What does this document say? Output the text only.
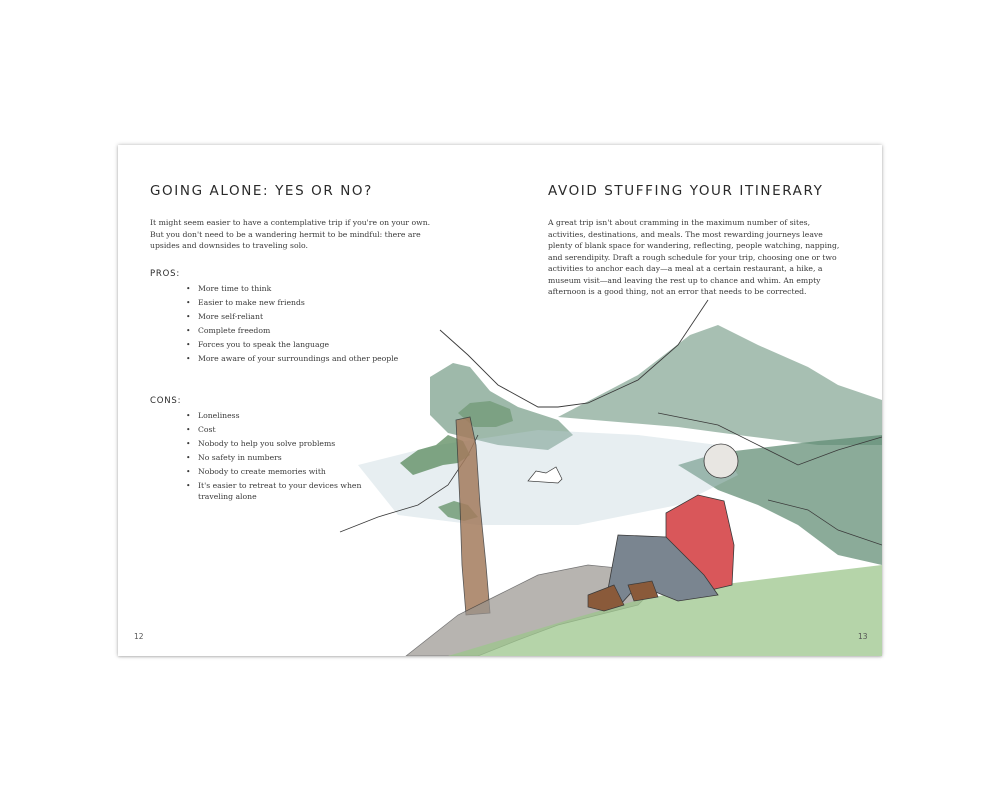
GOING ALONE: YES OR NO?

It might seem easier to have a contemplative trip if you're on your own. But you don't need to be a wandering hermit to be mindful: there are upsides and downsides to traveling solo.

PROS:
• More time to think
• Easier to make new friends
• More self-reliant
• Complete freedom
• Forces you to speak the language
• More aware of your surroundings and other people
CONS:
• Loneliness
• Cost
• Nobody to help you solve problems
• No safety in numbers
• Nobody to create memories with
• It's easier to retreat to your devices when traveling alone
12
AVOID STUFFING YOUR ITINERARY

A great trip isn't about cramming in the maximum number of sites, activities, destinations, and meals. The most rewarding journeys leave plenty of blank space for wandering, reflecting, people watching, napping, and serendipity. Draft a rough schedule for your trip, choosing one or two activities to anchor each day—a meal at a certain restaurant, a hike, a museum visit—and leaving the rest up to chance and whim. An empty afternoon is a good thing, not an error that needs to be corrected.

13
